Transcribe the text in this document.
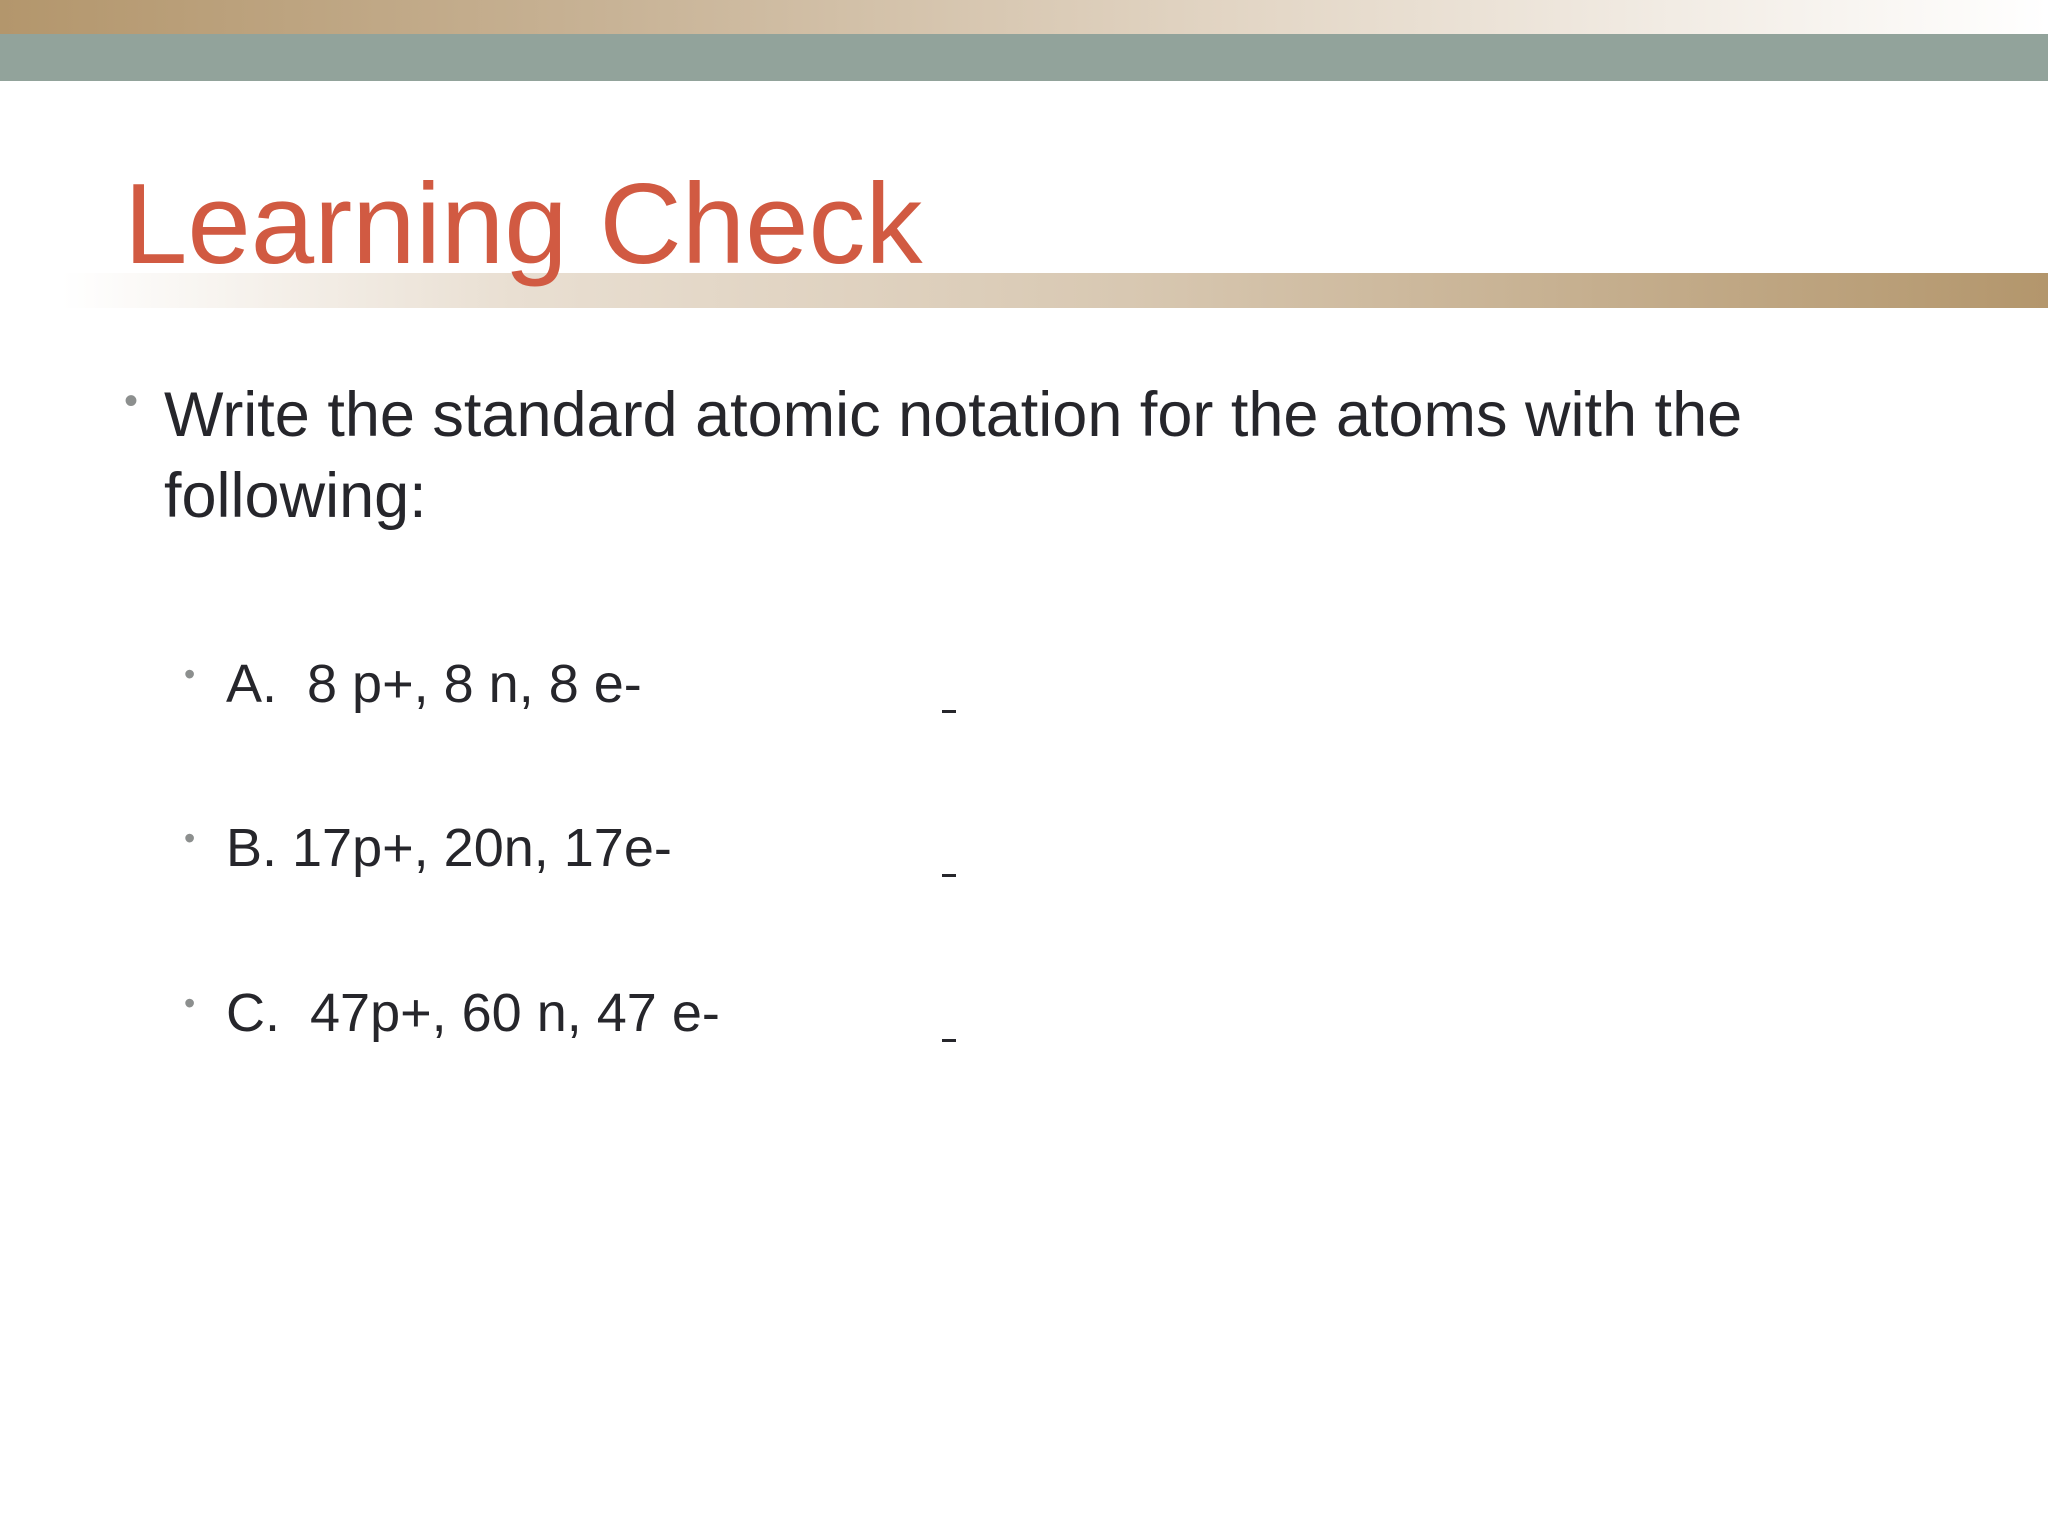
Learning Check
• Write the standard atomic notation for the atoms with the following:

• A.  8 p+, 8 n, 8 e-
• B. 17p+, 20n, 17e-
• C.  47p+, 60 n, 47 e-
